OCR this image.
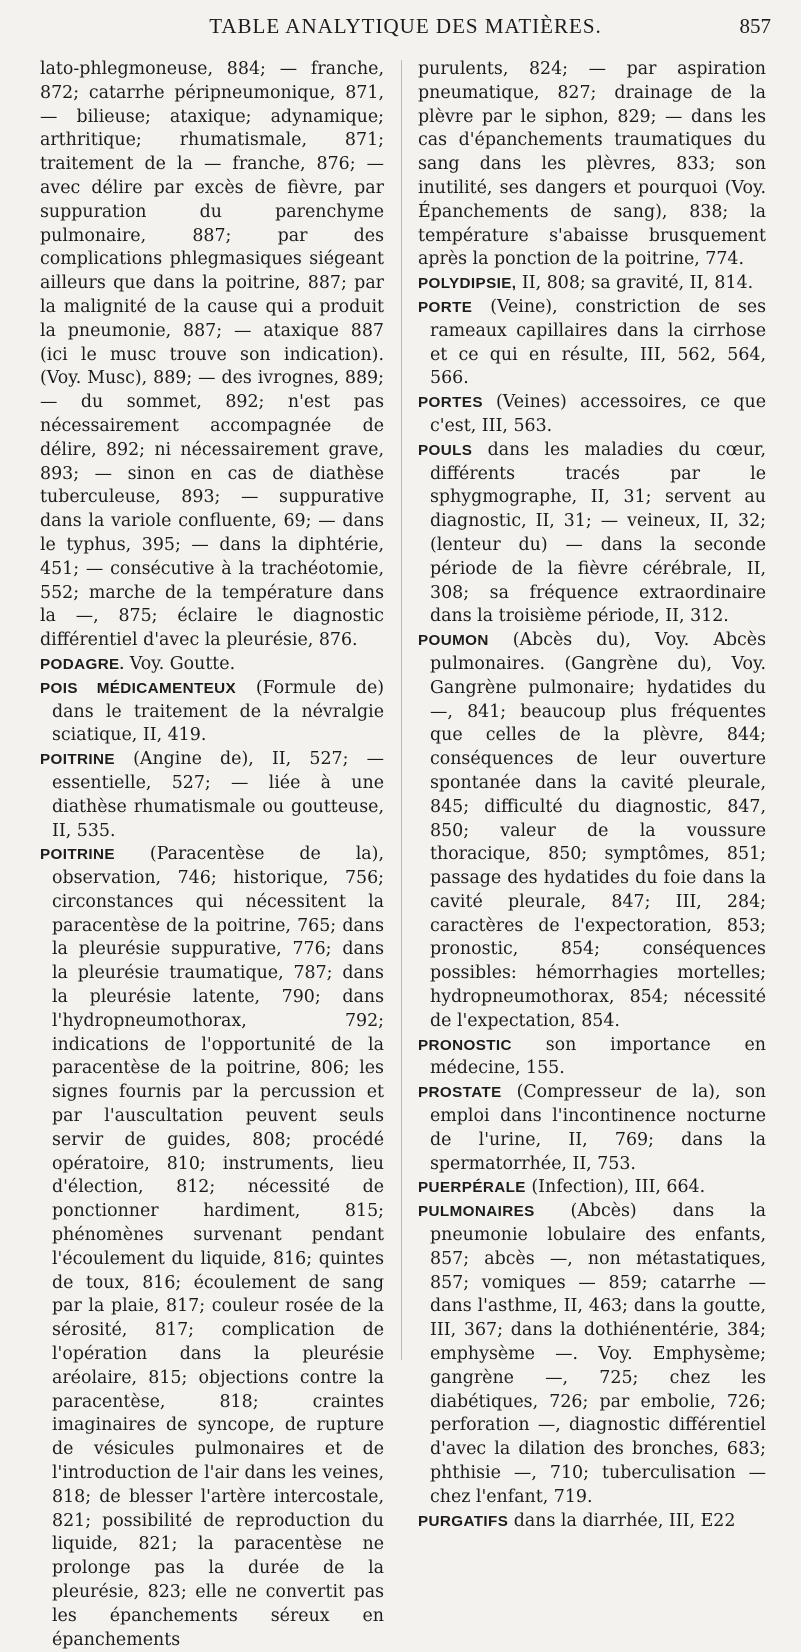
TABLE ANALYTIQUE DES MATIÈRES.	857

lato-phlegmoneuse, 884; — franche, 872; catarrhe péripneumonique, 871, — bilieuse; ataxique; adynamique; arthritique; rhumatismale, 871; traitement de la — franche, 876; — avec délire par excès de fièvre, par suppuration du parenchyme pulmonaire, 887; par des complications phlegmasiques siégeant ailleurs que dans la poitrine, 887; par la malignité de la cause qui a produit la pneumonie, 887; — ataxique 887 (ici le musc trouve son indication). (Voy. Musc), 889; — des ivrognes, 889; — du sommet, 892; n'est pas nécessairement accompagnée de délire, 892; ni nécessairement grave, 893; — sinon en cas de diathèse tuberculeuse, 893; — suppurative dans la variole confluente, 69; — dans le typhus, 395; — dans la diphtérie, 451; — consécutive à la trachéotomie, 552; marche de la température dans la —, 875; éclaire le diagnostic différentiel d'avec la pleurésie, 876.

PODAGRE. Voy. Goutte.

POIS MÉDICAMENTEUX (Formule de) dans le traitement de la névralgie sciatique, II, 419.

POITRINE (Angine de), II, 527; — essentielle, 527; — liée à une diathèse rhumatismale ou goutteuse, II, 535.

POITRINE (Paracentèse de la), observation, 746; historique, 756; circonstances qui nécessitent la paracentèse de la poitrine, 765; dans la pleurésie suppurative, 776; dans la pleurésie traumatique, 787; dans la pleurésie latente, 790; dans l'hydropneumothorax, 792; indications de l'opportunité de la paracentèse de la poitrine, 806; les signes fournis par la percussion et par l'auscultation peuvent seuls servir de guides, 808; procédé opératoire, 810; instruments, lieu d'élection, 812; nécessité de ponctionner hardiment, 815; phénomènes survenant pendant l'écoulement du liquide, 816; quintes de toux, 816; écoulement de sang par la plaie, 817; couleur rosée de la sérosité, 817; complication de l'opération dans la pleurésie aréolaire, 815; objections contre la paracentèse, 818; craintes imaginaires de syncope, de rupture de vésicules pulmonaires et de l'introduction de l'air dans les veines, 818; de blesser l'artère intercostale, 821; possibilité de reproduction du liquide, 821; la paracentèse ne prolonge pas la durée de la pleurésie, 823; elle ne convertit pas les épanchements séreux en épanchements

purulents, 824; — par aspiration pneumatique, 827; drainage de la plèvre par le siphon, 829; — dans les cas d'épanchements traumatiques du sang dans les plèvres, 833; son inutilité, ses dangers et pourquoi (Voy. Épanchements de sang), 838; la température s'abaisse brusquement après la ponction de la poitrine, 774.

POLYDIPSIE, II, 808; sa gravité, II, 814.

PORTE (Veine), constriction de ses rameaux capillaires dans la cirrhose et ce qui en résulte, III, 562, 564, 566.

PORTES (Veines) accessoires, ce que c'est, III, 563.

POULS dans les maladies du cœur, différents tracés par le sphygmographe, II, 31; servent au diagnostic, II, 31; — veineux, II, 32; (lenteur du) — dans la seconde période de la fièvre cérébrale, II, 308; sa fréquence extraordinaire dans la troisième période, II, 312.

POUMON (Abcès du), Voy. Abcès pulmonaires. (Gangrène du), Voy. Gangrène pulmonaire; hydatides du —, 841; beaucoup plus fréquentes que celles de la plèvre, 844; conséquences de leur ouverture spontanée dans la cavité pleurale, 845; difficulté du diagnostic, 847, 850; valeur de la voussure thoracique, 850; symptômes, 851; passage des hydatides du foie dans la cavité pleurale, 847; III, 284; caractères de l'expectoration, 853; pronostic, 854; conséquences possibles: hémorrhagies mortelles; hydropneumothorax, 854; nécessité de l'expectation, 854.

PRONOSTIC son importance en médecine, 155.

PROSTATE (Compresseur de la), son emploi dans l'incontinence nocturne de l'urine, II, 769; dans la spermatorrhée, II, 753.

PUERPÉRALE (Infection), III, 664.

PULMONAIRES (Abcès) dans la pneumonie lobulaire des enfants, 857; abcès —, non métastatiques, 857; vomiques — 859; catarrhe — dans l'asthme, II, 463; dans la goutte, III, 367; dans la dothiénentérie, 384; emphysème —. Voy. Emphysème; gangrène —, 725; chez les diabétiques, 726; par embolie, 726; perforation —, diagnostic différentiel d'avec la dilation des bronches, 683; phthisie —, 710; tuberculisation — chez l'enfant, 719.

PURGATIFS dans la diarrhée, III, E22
